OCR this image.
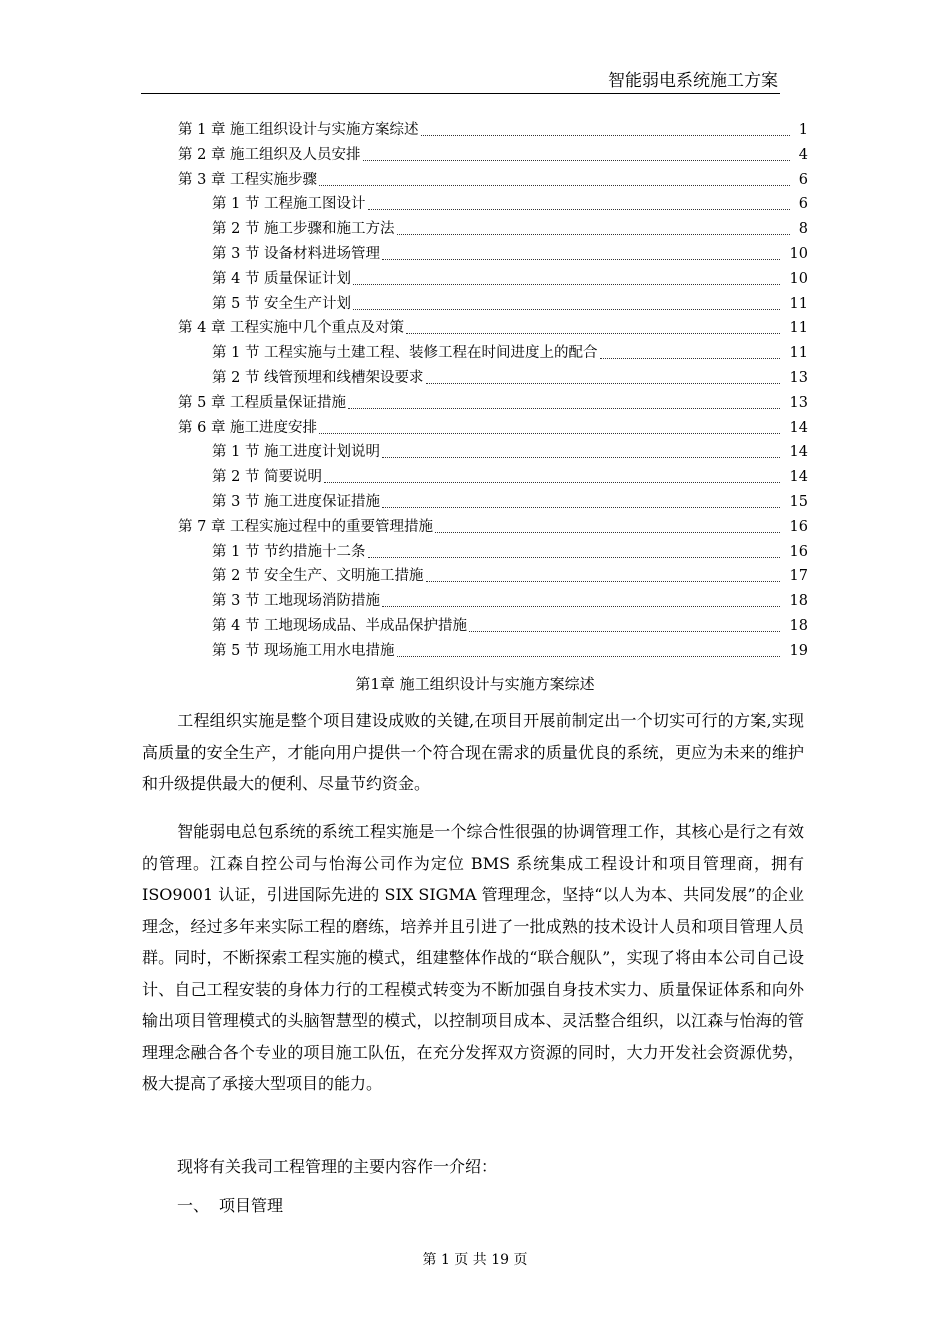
智能弱电系统施工方案
第 1 章 施工组织设计与实施方案综述	1
第 2 章 施工组织及人员安排	4
第 3 章 工程实施步骤	6
第 1 节 工程施工图设计	6
第 2 节 施工步骤和施工方法	8
第 3 节 设备材料进场管理	10
第 4 节 质量保证计划	10
第 5 节 安全生产计划	11
第 4 章 工程实施中几个重点及对策	11
第 1 节 工程实施与土建工程、装修工程在时间进度上的配合	11
第 2 节 线管预埋和线槽架设要求	13
第 5 章 工程质量保证措施	13
第 6 章 施工进度安排	14
第 1 节 施工进度计划说明	14
第 2 节 简要说明	14
第 3 节 施工进度保证措施	15
第 7 章 工程实施过程中的重要管理措施	16
第 1 节 节约措施十二条	16
第 2 节 安全生产、文明施工措施	17
第 3 节 工地现场消防措施	18
第 4 节 工地现场成品、半成品保护措施	18
第 5 节 现场施工用水电措施	19
第1章 施工组织设计与实施方案综述
工程组织实施是整个项目建设成败的关键,在项目开展前制定出一个切实可行的方案,实现高质量的安全生产，才能向用户提供一个符合现在需求的质量优良的系统，更应为未来的维护和升级提供最大的便利、尽量节约资金。
智能弱电总包系统的系统工程实施是一个综合性很强的协调管理工作，其核心是行之有效的管理。江森自控公司与怡海公司作为定位 BMS 系统集成工程设计和项目管理商，拥有 ISO9001 认证，引进国际先进的 SIX SIGMA 管理理念，坚持“以人为本、共同发展”的企业理念，经过多年来实际工程的磨练，培养并且引进了一批成熟的技术设计人员和项目管理人员群。同时，不断探索工程实施的模式，组建整体作战的“联合舰队”，实现了将由本公司自己设计、自己工程安装的身体力行的工程模式转变为不断加强自身技术实力、质量保证体系和向外输出项目管理模式的头脑智慧型的模式，以控制项目成本、灵活整合组织，以江森与怡海的管理理念融合各个专业的项目施工队伍，在充分发挥双方资源的同时，大力开发社会资源优势，极大提高了承接大型项目的能力。
现将有关我司工程管理的主要内容作一介绍：
一、 项目管理
第 1 页 共 19 页
